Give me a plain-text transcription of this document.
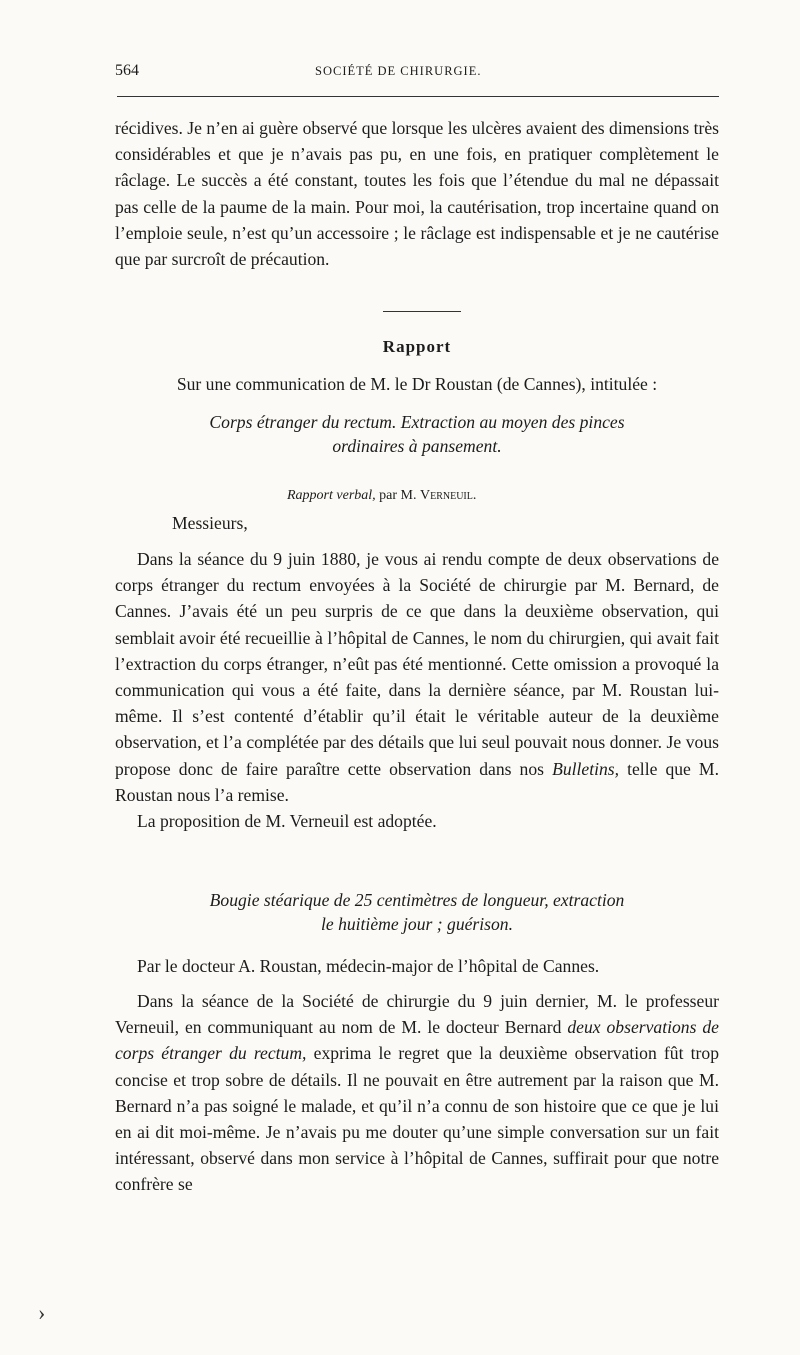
564	SOCIÉTÉ DE CHIRURGIE.

récidives. Je n’en ai guère observé que lorsque les ulcères avaient des dimensions très considérables et que je n’avais pas pu, en une fois, en pratiquer complètement le râclage. Le succès a été constant, toutes les fois que l’étendue du mal ne dépassait pas celle de la paume de la main. Pour moi, la cautérisation, trop incertaine quand on l’emploie seule, n’est qu’un accessoire ; le râclage est indispensable et je ne cautérise que par surcroît de précaution.

Rapport
Sur une communication de M. le Dr Roustan (de Cannes), intitulée :
Corps étranger du rectum. Extraction au moyen des pinces
ordinaires à pansement.
Rapport verbal, par M. Verneuil.
Messieurs,

Dans la séance du 9 juin 1880, je vous ai rendu compte de deux observations de corps étranger du rectum envoyées à la Société de chirurgie par M. Bernard, de Cannes. J’avais été un peu surpris de ce que dans la deuxième observation, qui semblait avoir été recueillie à l’hôpital de Cannes, le nom du chirurgien, qui avait fait l’extraction du corps étranger, n’eût pas été mentionné. Cette omission a provoqué la communication qui vous a été faite, dans la dernière séance, par M. Roustan lui-même. Il s’est contenté d’établir qu’il était le véritable auteur de la deuxième observation, et l’a complétée par des détails que lui seul pouvait nous donner. Je vous propose donc de faire paraître cette observation dans nos Bulletins, telle que M. Roustan nous l’a remise.

La proposition de M. Verneuil est adoptée.

Bougie stéarique de 25 centimètres de longueur, extraction
le huitième jour ; guérison.

Par le docteur A. Roustan, médecin-major de l’hôpital de Cannes.

Dans la séance de la Société de chirurgie du 9 juin dernier, M. le professeur Verneuil, en communiquant au nom de M. le docteur Bernard deux observations de corps étranger du rectum, exprima le regret que la deuxième observation fût trop concise et trop sobre de détails. Il ne pouvait en être autrement par la raison que M. Bernard n’a pas soigné le malade, et qu’il n’a connu de son histoire que ce que je lui en ai dit moi-même. Je n’avais pu me douter qu’une simple conversation sur un fait intéressant, observé dans mon service à l’hôpital de Cannes, suffirait pour que notre confrère se

›
